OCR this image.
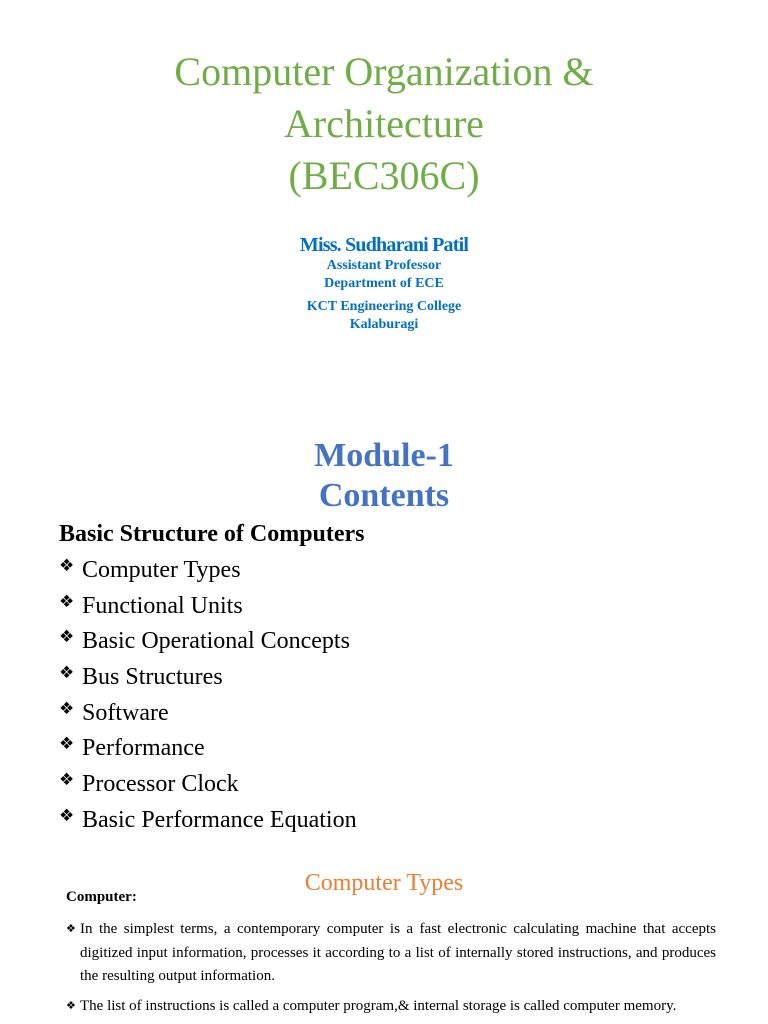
Computer Organization &
Architecture
(BEC306C)
Miss. Sudharani Patil
Assistant Professor
Department of ECE
KCT Engineering College
Kalaburagi
Module-1
Contents
Basic Structure of Computers
❖ Computer Types
❖ Functional Units
❖ Basic Operational Concepts
❖ Bus Structures
❖ Software
❖ Performance
❖ Processor Clock
❖ Basic Performance Equation
Computer Types
Computer:
❖ In the simplest terms, a contemporary computer is a fast electronic calculating machine that accepts digitized input information, processes it according to a list of internally stored instructions, and produces the resulting output information.
❖ The list of instructions is called a computer program,& internal storage is called computer memory.
